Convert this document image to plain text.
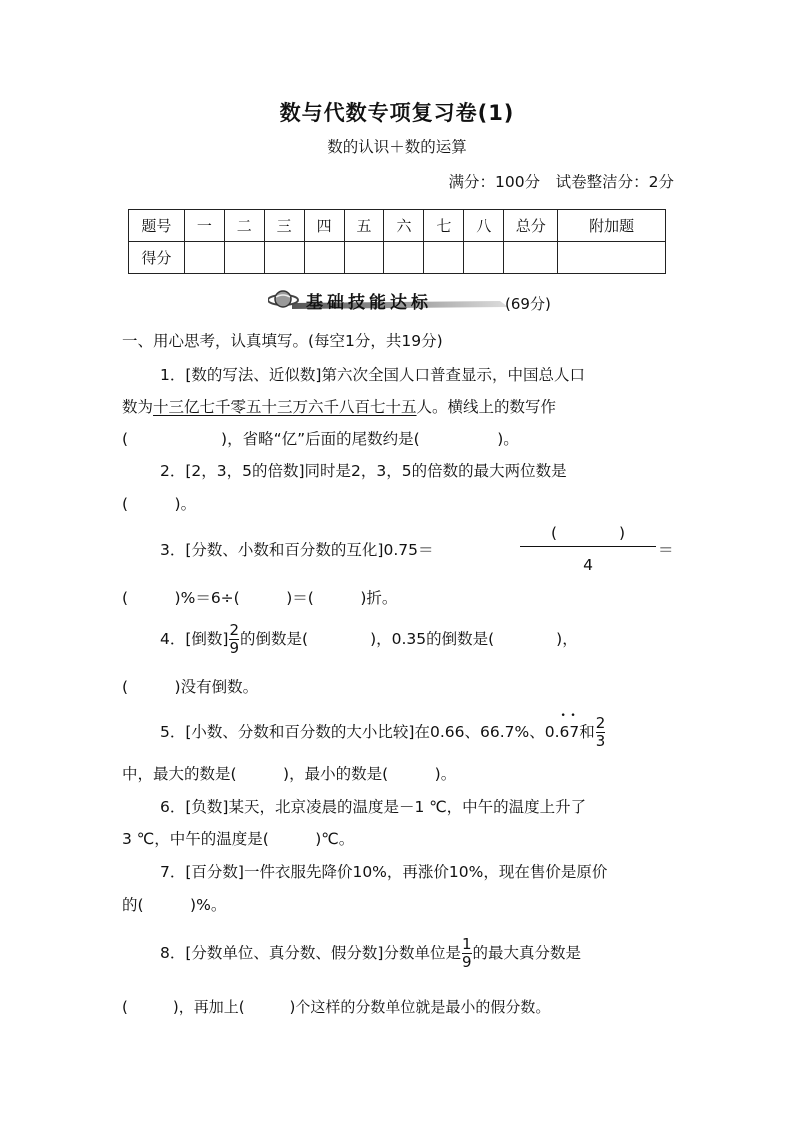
数与代数专项复习卷(1)
数的认识＋数的运算
满分：100分　试卷整洁分：2分
题号	一	二	三	四	五	六	七	八	总分	附加题
得分										
基础技能达标	(69分)
一、用心思考，认真填写。(每空1分，共19分)
1．[数的写法、近似数]第六次全国人口普查显示，中国总人口
数为十三亿七千零五十三万六千八百七十五人。横线上的数写作
(　　　　　　)，省略“亿”后面的尾数约是(　　　　　)。
2．[2，3，5的倍数]同时是2，3，5的倍数的最大两位数是
(　　　)。
3．[分数、小数和百分数的互化]0.75＝
(　　　　)
4
＝
(　　　)%＝6÷(　　　)＝(　　　)折。
4．[倒数] $\frac{2}{9}$ 的倒数是(　　　　)，0.35的倒数是(　　　　)，
(　　　)没有倒数。
5．[小数、分数和百分数的大小比较]在0.66、66.7%、0.• 6• 7和 $\frac{2}{3}$
中，最大的数是(　　　)，最小的数是(　　　)。
6．[负数]某天，北京凌晨的温度是－1 ℃，中午的温度上升了
3 ℃，中午的温度是(　　　)℃。
7．[百分数]一件衣服先降价10%，再涨价10%，现在售价是原价
的(　　　)%。
8．[分数单位、真分数、假分数]分数单位是 $\frac{1}{9}$ 的最大真分数是
(　　　)，再加上(　　　)个这样的分数单位就是最小的假分数。
